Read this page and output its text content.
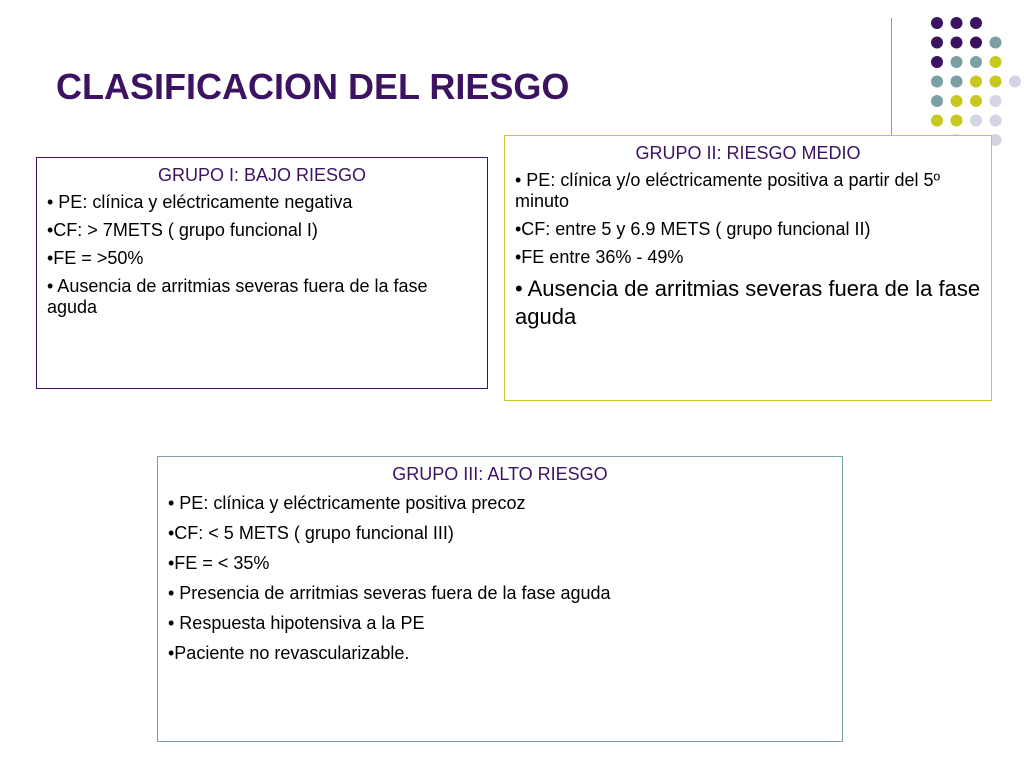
CLASIFICACION DEL RIESGO
GRUPO I: BAJO RIESGO
• PE: clínica y eléctricamente negativa
•CF: > 7METS ( grupo funcional I)
•FE = >50%
• Ausencia de arritmias severas fuera de la fase aguda
GRUPO II: RIESGO MEDIO
• PE: clínica y/o eléctricamente positiva a partir del 5º minuto
•CF: entre 5 y 6.9 METS ( grupo funcional II)
•FE entre 36% - 49%
• Ausencia de arritmias severas fuera de la fase aguda
GRUPO III: ALTO RIESGO
• PE: clínica y eléctricamente positiva precoz
•CF: < 5 METS ( grupo funcional III)
•FE = < 35%
• Presencia de arritmias severas fuera de la fase aguda
• Respuesta hipotensiva a la PE
•Paciente no revascularizable.
